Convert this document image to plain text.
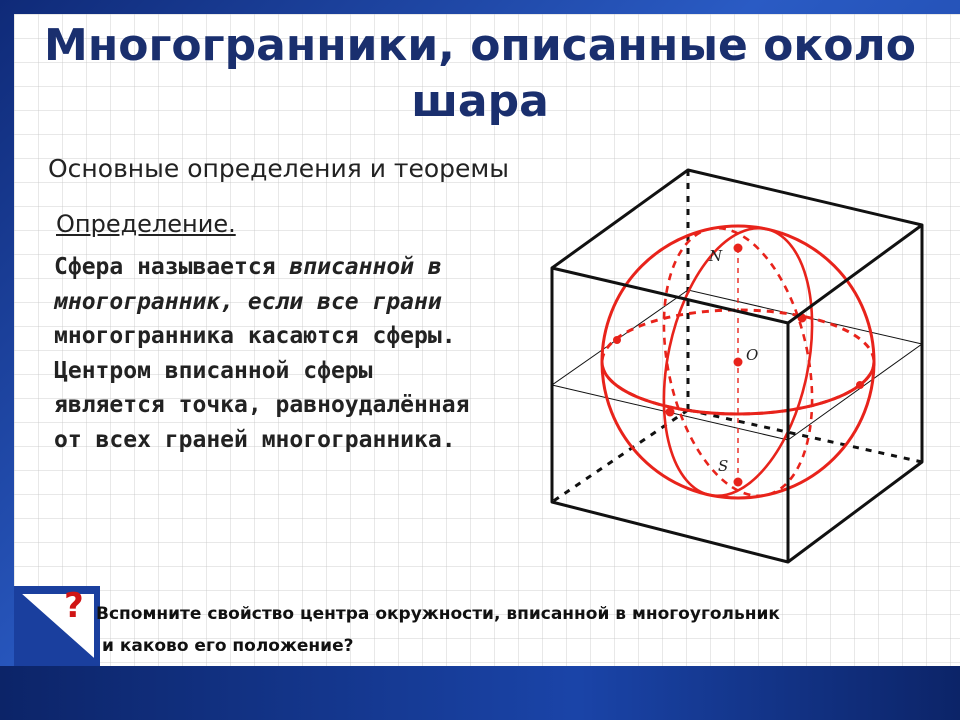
Многогранники, описанные около шара

Основные определения и теоремы

Определение.

Сфера называется вписанной в многогранник, если все грани многогранника касаются сферы. Центром вписанной сферы является точка, равноудалённая от всех граней многогранника.

N
O
S
? Вспомните свойство центра окружности, вписанной в многоугольник
и каково его положение?
